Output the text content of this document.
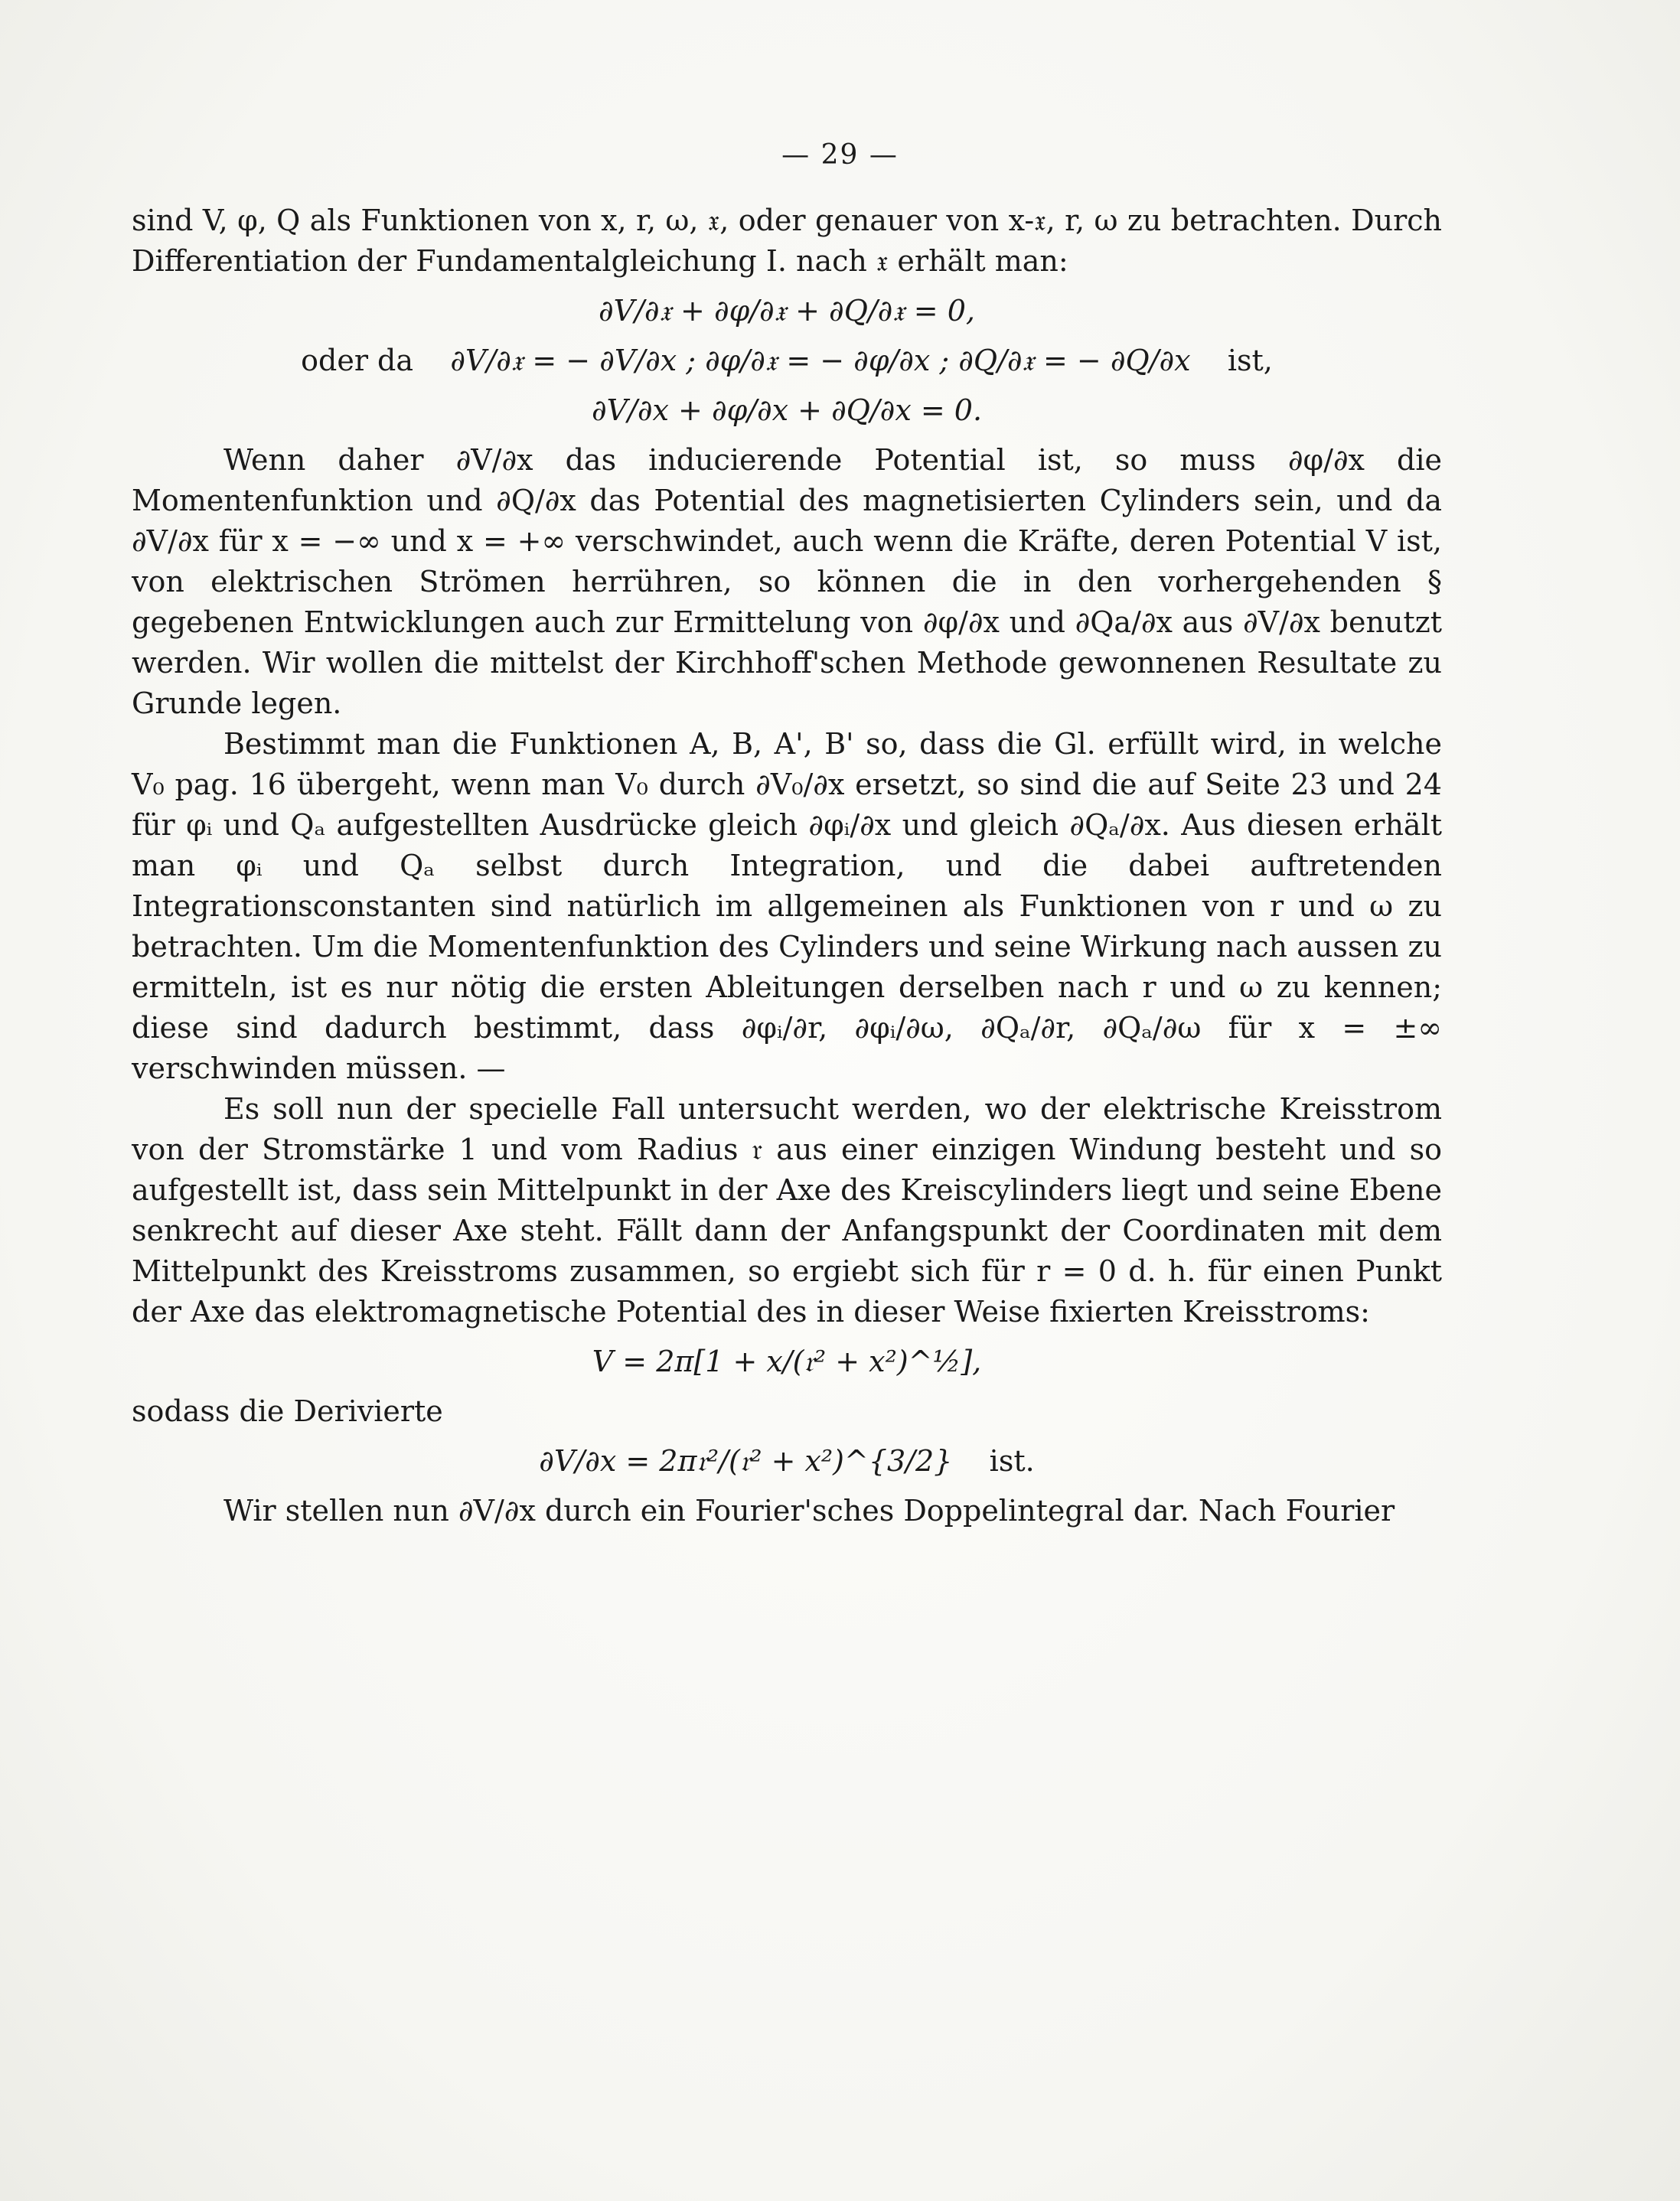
— 29 —

sind V, φ, Q als Funktionen von x, r, ω, 𝔵, oder genauer von x-𝔵, r, ω zu betrachten. Durch Differentiation der Fundamentalgleichung I. nach 𝔵 erhält man:

∂V/∂𝔵 + ∂φ/∂𝔵 + ∂Q/∂𝔵 = 0,
oder da ∂V/∂𝔵 = − ∂V/∂x ; ∂φ/∂𝔵 = − ∂φ/∂x ; ∂Q/∂𝔵 = − ∂Q/∂x ist,
∂V/∂x + ∂φ/∂x + ∂Q/∂x = 0.

Wenn daher ∂V/∂x das inducierende Potential ist, so muss ∂φ/∂x die Momentenfunktion und ∂Q/∂x das Potential des magnetisierten Cylinders sein, und da ∂V/∂x für x = −∞ und x = +∞ verschwindet, auch wenn die Kräfte, deren Potential V ist, von elektrischen Strömen herrühren, so können die in den vorhergehenden § gegebenen Entwicklungen auch zur Ermittelung von ∂φ/∂x und ∂Qa/∂x aus ∂V/∂x benutzt werden. Wir wollen die mittelst der Kirchhoff'schen Methode gewonnenen Resultate zu Grunde legen.

Bestimmt man die Funktionen A, B, A', B' so, dass die Gl. erfüllt wird, in welche V₀ pag. 16 übergeht, wenn man V₀ durch ∂V₀/∂x ersetzt, so sind die auf Seite 23 und 24 für φᵢ und Qₐ aufgestellten Ausdrücke gleich ∂φᵢ/∂x und gleich ∂Qₐ/∂x. Aus diesen erhält man φᵢ und Qₐ selbst durch Integration, und die dabei auftretenden Integrationsconstanten sind natürlich im allgemeinen als Funktionen von r und ω zu betrachten. Um die Momentenfunktion des Cylinders und seine Wirkung nach aussen zu ermitteln, ist es nur nötig die ersten Ableitungen derselben nach r und ω zu kennen; diese sind dadurch bestimmt, dass ∂φᵢ/∂r, ∂φᵢ/∂ω, ∂Qₐ/∂r, ∂Qₐ/∂ω für x = ±∞ verschwinden müssen. —

Es soll nun der specielle Fall untersucht werden, wo der elektrische Kreisstrom von der Stromstärke 1 und vom Radius 𝔯 aus einer einzigen Windung besteht und so aufgestellt ist, dass sein Mittelpunkt in der Axe des Kreiscylinders liegt und seine Ebene senkrecht auf dieser Axe steht. Fällt dann der Anfangspunkt der Coordinaten mit dem Mittelpunkt des Kreisstroms zusammen, so ergiebt sich für r = 0 d. h. für einen Punkt der Axe das elektromagnetische Potential des in dieser Weise fixierten Kreisstroms:

V = 2π[1 + x/(𝔯² + x²)^½],

sodass die Derivierte

∂V/∂x = 2π𝔯²/(𝔯² + x²)^{3/2} ist.

Wir stellen nun ∂V/∂x durch ein Fourier'sches Doppelintegral dar. Nach Fourier
